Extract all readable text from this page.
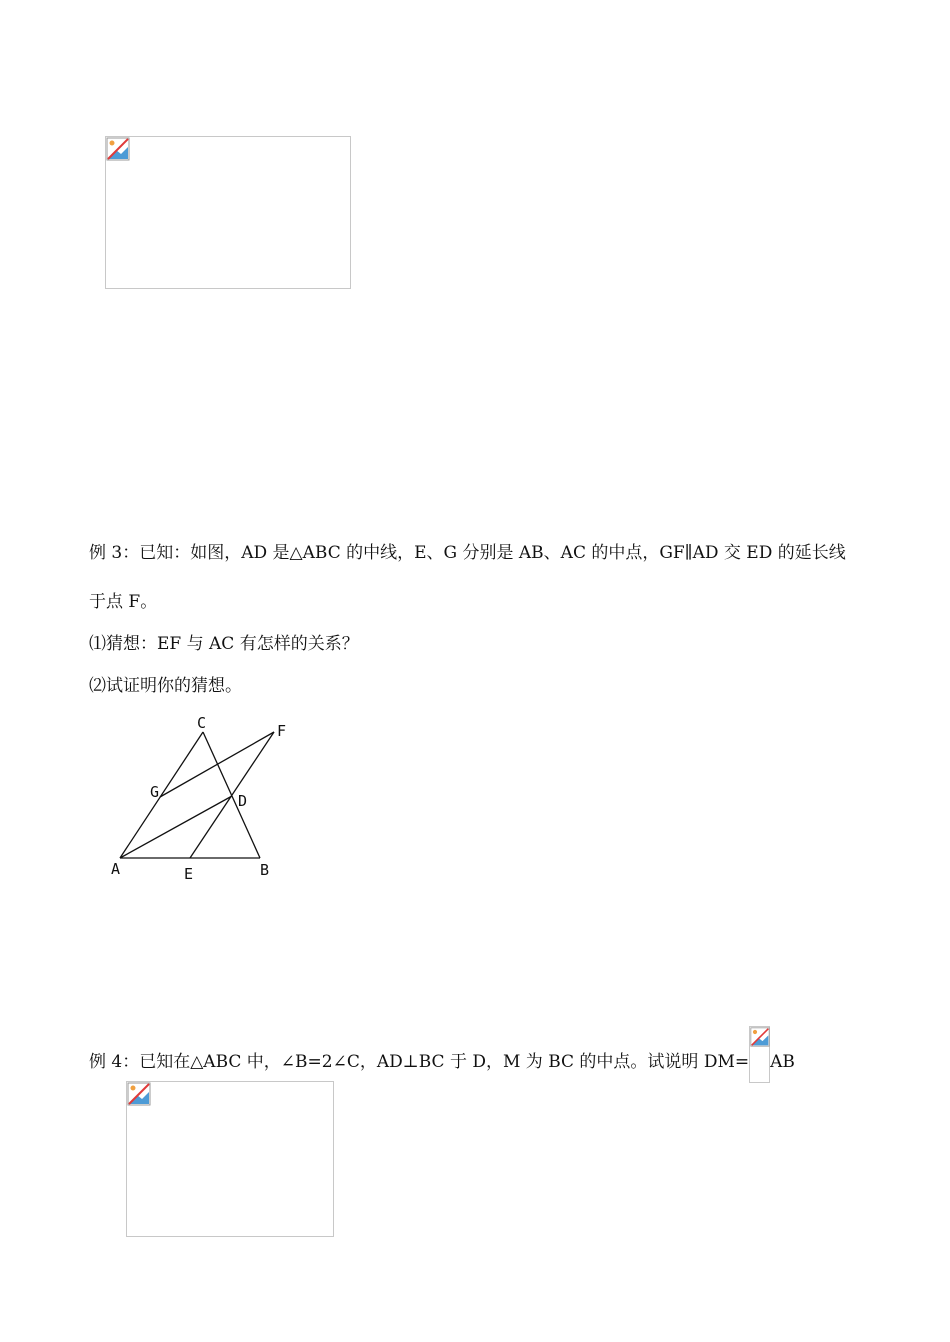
例 3：已知：如图，AD 是△ABC 的中线，E、G 分别是 AB、AC 的中点，GF∥AD 交 ED 的延长线
于点 F。
⑴猜想：EF 与 AC 有怎样的关系？
⑵试证明你的猜想。
C	F
G	D
A	E	B
例 4：已知在△ABC 中，∠B=2∠C，AD⊥BC 于 D，M 为 BC 的中点。试说明 DM= AB
